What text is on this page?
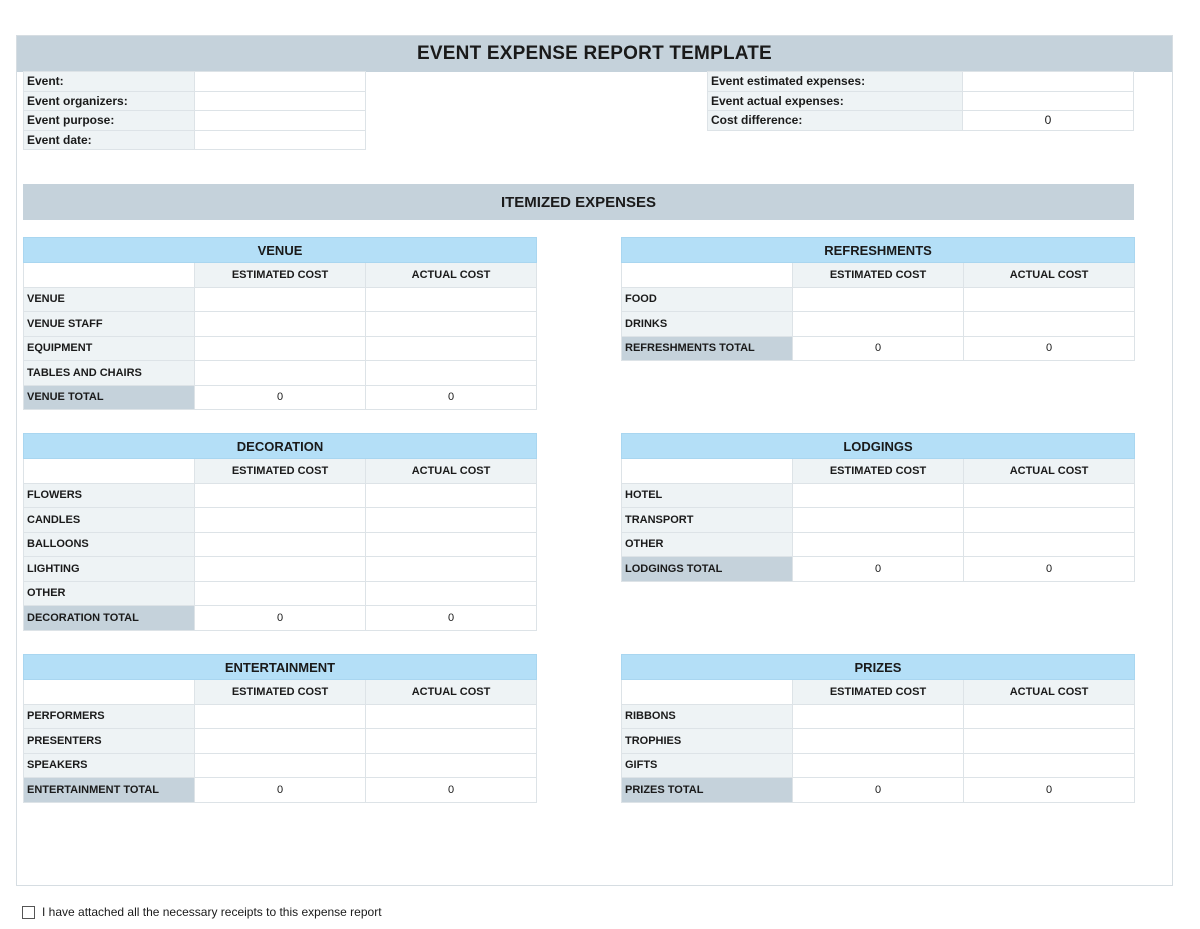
EVENT EXPENSE REPORT TEMPLATE
Event:	
Event organizers:	
Event purpose:	
Event date:	
Event estimated expenses:	
Event actual expenses:	
Cost difference:	0
ITEMIZED EXPENSES
VENUE		
	ESTIMATED COST	ACTUAL COST
VENUE		
VENUE STAFF		
EQUIPMENT		
TABLES AND CHAIRS		
VENUE TOTAL	0	0
REFRESHMENTS		
	ESTIMATED COST	ACTUAL COST
FOOD		
DRINKS		
REFRESHMENTS TOTAL	0	0
DECORATION		
	ESTIMATED COST	ACTUAL COST
FLOWERS		
CANDLES		
BALLOONS		
LIGHTING		
OTHER		
DECORATION TOTAL	0	0
LODGINGS		
	ESTIMATED COST	ACTUAL COST
HOTEL		
TRANSPORT		
OTHER		
LODGINGS TOTAL	0	0
ENTERTAINMENT		
	ESTIMATED COST	ACTUAL COST
PERFORMERS		
PRESENTERS		
SPEAKERS		
ENTERTAINMENT TOTAL	0	0
PRIZES		
	ESTIMATED COST	ACTUAL COST
RIBBONS		
TROPHIES		
GIFTS		
PRIZES TOTAL	0	0
I have attached all the necessary receipts to this expense report
